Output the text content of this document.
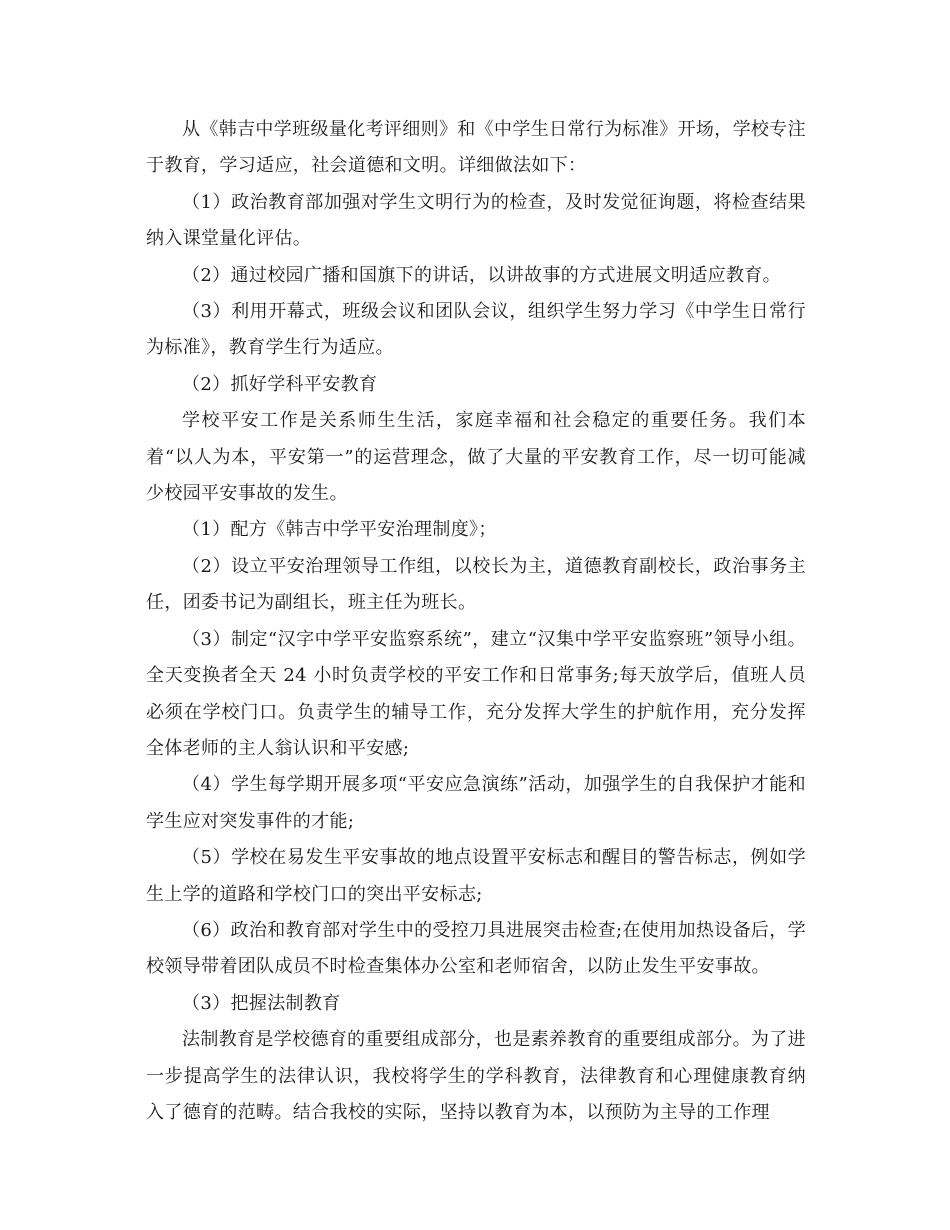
从《韩吉中学班级量化考评细则》和《中学生日常行为标准》开场，学校专注于教育，学习适应，社会道德和文明。详细做法如下：

（1）政治教育部加强对学生文明行为的检查，及时发觉征询题，将检查结果纳入课堂量化评估。

（2）通过校园广播和国旗下的讲话，以讲故事的方式进展文明适应教育。

（3）利用开幕式，班级会议和团队会议，组织学生努力学习《中学生日常行为标准》，教育学生行为适应。

（2）抓好学科平安教育

学校平安工作是关系师生生活，家庭幸福和社会稳定的重要任务。我们本着“以人为本，平安第一”的运营理念，做了大量的平安教育工作，尽一切可能减少校园平安事故的发生。

（1）配方《韩吉中学平安治理制度》；

（2）设立平安治理领导工作组，以校长为主，道德教育副校长，政治事务主任，团委书记为副组长，班主任为班长。

（3）制定“汉字中学平安监察系统”，建立“汉集中学平安监察班”领导小组。全天变换者全天 24 小时负责学校的平安工作和日常事务;每天放学后，值班人员必须在学校门口。负责学生的辅导工作，充分发挥大学生的护航作用，充分发挥全体老师的主人翁认识和平安感;

（4）学生每学期开展多项“平安应急演练”活动，加强学生的自我保护才能和学生应对突发事件的才能;

（5）学校在易发生平安事故的地点设置平安标志和醒目的警告标志，例如学生上学的道路和学校门口的突出平安标志;

（6）政治和教育部对学生中的受控刀具进展突击检查;在使用加热设备后，学校领导带着团队成员不时检查集体办公室和老师宿舍，以防止发生平安事故。

（3）把握法制教育

法制教育是学校德育的重要组成部分，也是素养教育的重要组成部分。为了进一步提高学生的法律认识，我校将学生的学科教育，法律教育和心理健康教育纳入了德育的范畴。结合我校的实际，坚持以教育为本，以预防为主导的工作理
